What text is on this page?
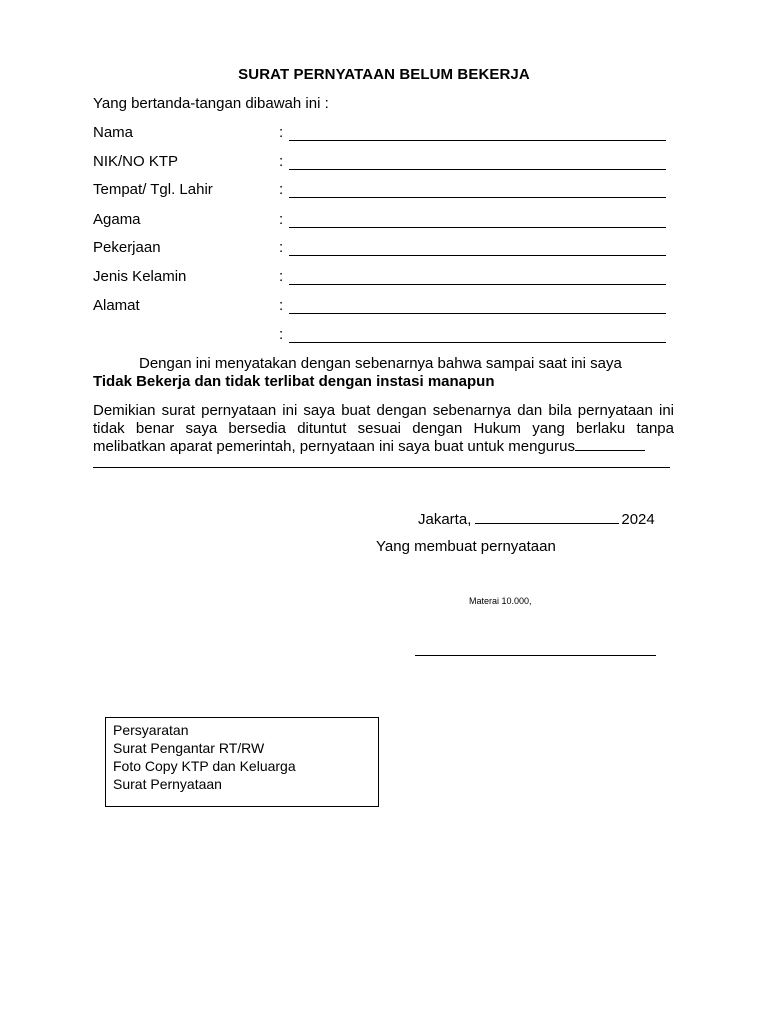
SURAT PERNYATAAN BELUM BEKERJA
Yang bertanda-tangan dibawah ini :
Nama	:
NIK/NO KTP	:
Tempat/ Tgl. Lahir	:
Agama	:
Pekerjaan	:
Jenis Kelamin	:
Alamat	:
:
Dengan ini menyatakan dengan sebenarnya bahwa sampai saat ini saya
Tidak Bekerja dan tidak terlibat dengan instasi manapun
Demikian surat pernyataan ini saya buat dengan sebenarnya dan bila pernyataan ini tidak benar saya bersedia dituntut sesuai dengan Hukum yang berlaku tanpa melibatkan aparat pemerintah, pernyataan ini saya buat untuk mengurus
Jakarta,	2024
Yang membuat pernyataan
Materai 10.000,
Persyaratan
Surat Pengantar RT/RW
Foto Copy KTP dan Keluarga
Surat Pernyataan
